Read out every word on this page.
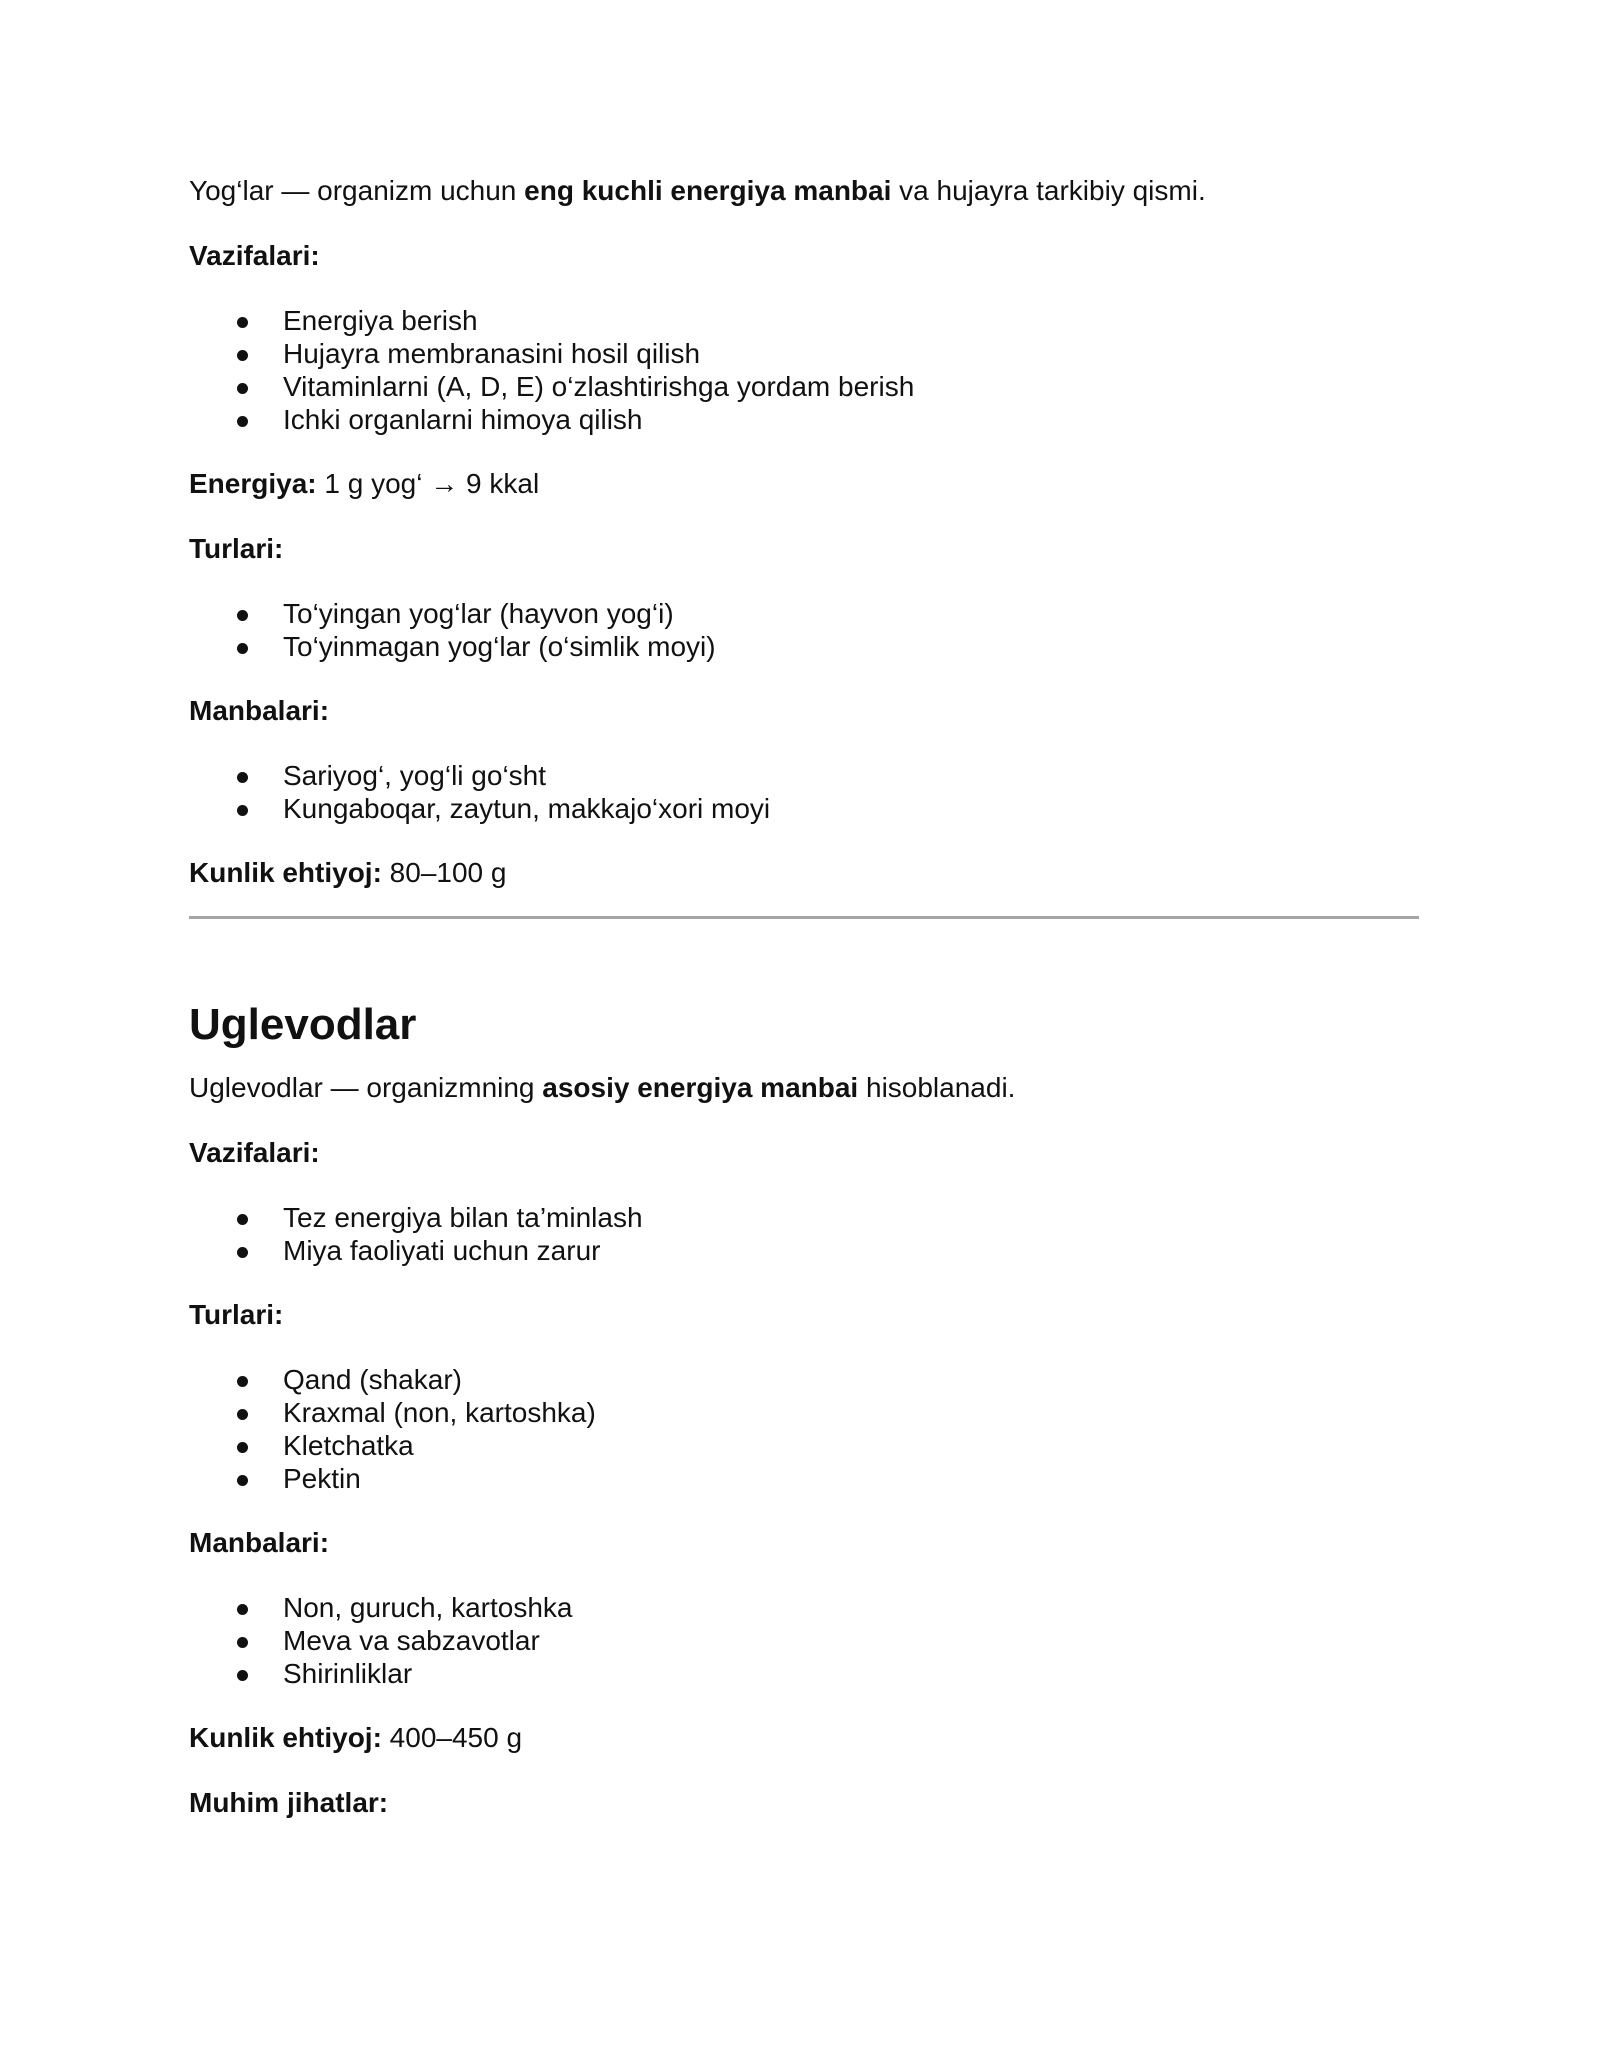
Yog‘lar — organizm uchun eng kuchli energiya manbai va hujayra tarkibiy qismi.

Vazifalari:

Energiya berish
Hujayra membranasini hosil qilish
Vitaminlarni (A, D, E) o‘zlashtirishga yordam berish
Ichki organlarni himoya qilish

Energiya: 1 g yog‘ → 9 kkal

Turlari:

To‘yingan yog‘lar (hayvon yog‘i)
To‘yinmagan yog‘lar (o‘simlik moyi)

Manbalari:

Sariyog‘, yog‘li go‘sht
Kungaboqar, zaytun, makkajo‘xori moyi

Kunlik ehtiyoj: 80–100 g

Uglevodlar

Uglevodlar — organizmning asosiy energiya manbai hisoblanadi.

Vazifalari:

Tez energiya bilan ta’minlash
Miya faoliyati uchun zarur

Turlari:

Qand (shakar)
Kraxmal (non, kartoshka)
Kletchatka
Pektin

Manbalari:

Non, guruch, kartoshka
Meva va sabzavotlar
Shirinliklar

Kunlik ehtiyoj: 400–450 g

Muhim jihatlar:
